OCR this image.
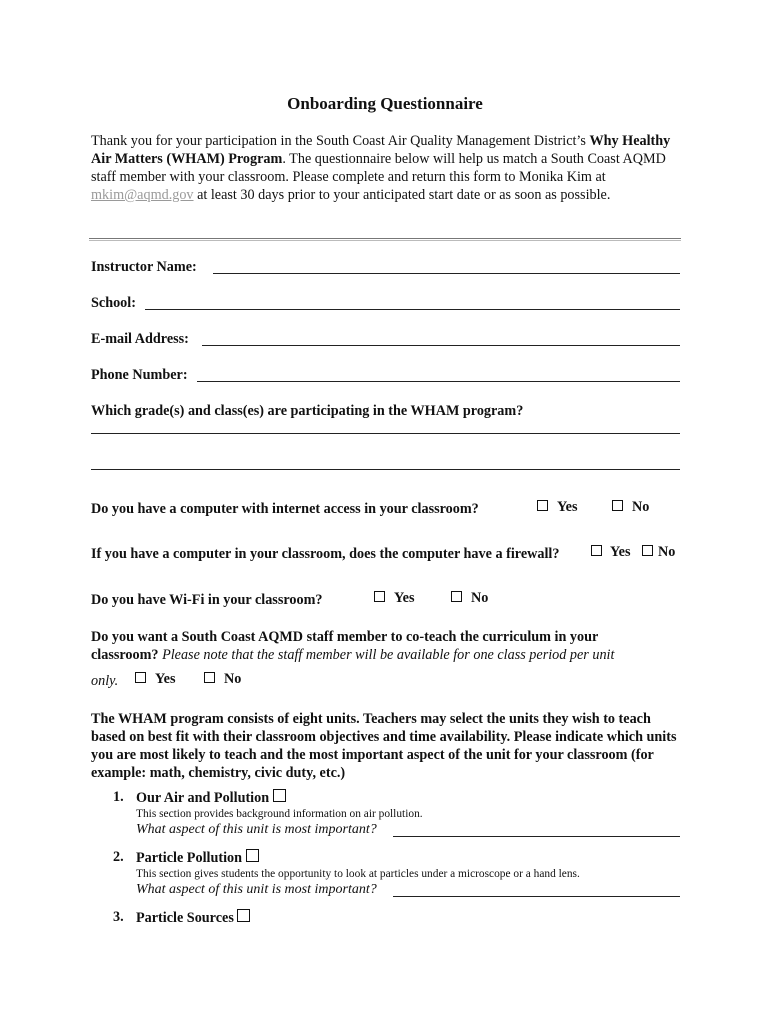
Onboarding Questionnaire
Thank you for your participation in the South Coast Air Quality Management District’s Why Healthy Air Matters (WHAM) Program. The questionnaire below will help us match a South Coast AQMD staff member with your classroom. Please complete and return this form to Monika Kim at mkim@aqmd.gov at least 30 days prior to your anticipated start date or as soon as possible.
Instructor Name:
School:
E-mail Address:
Phone Number:
Which grade(s) and class(es) are participating in the WHAM program?
Do you have a computer with internet access in your classroom?	Yes	No
If you have a computer in your classroom, does the computer have a firewall?	Yes	No
Do you have Wi-Fi in your classroom?	Yes	No
Do you want a South Coast AQMD staff member to co-teach the curriculum in your
classroom? Please note that the staff member will be available for one class period per unit
only.	Yes	No
The WHAM program consists of eight units. Teachers may select the units they wish to teach based on best fit with their classroom objectives and time availability. Please indicate which units you are most likely to teach and the most important aspect of the unit for your classroom (for example: math, chemistry, civic duty, etc.)
1. Our Air and Pollution
This section provides background information on air pollution.
What aspect of this unit is most important?
2. Particle Pollution
This section gives students the opportunity to look at particles under a microscope or a hand lens.
What aspect of this unit is most important?
3. Particle Sources
